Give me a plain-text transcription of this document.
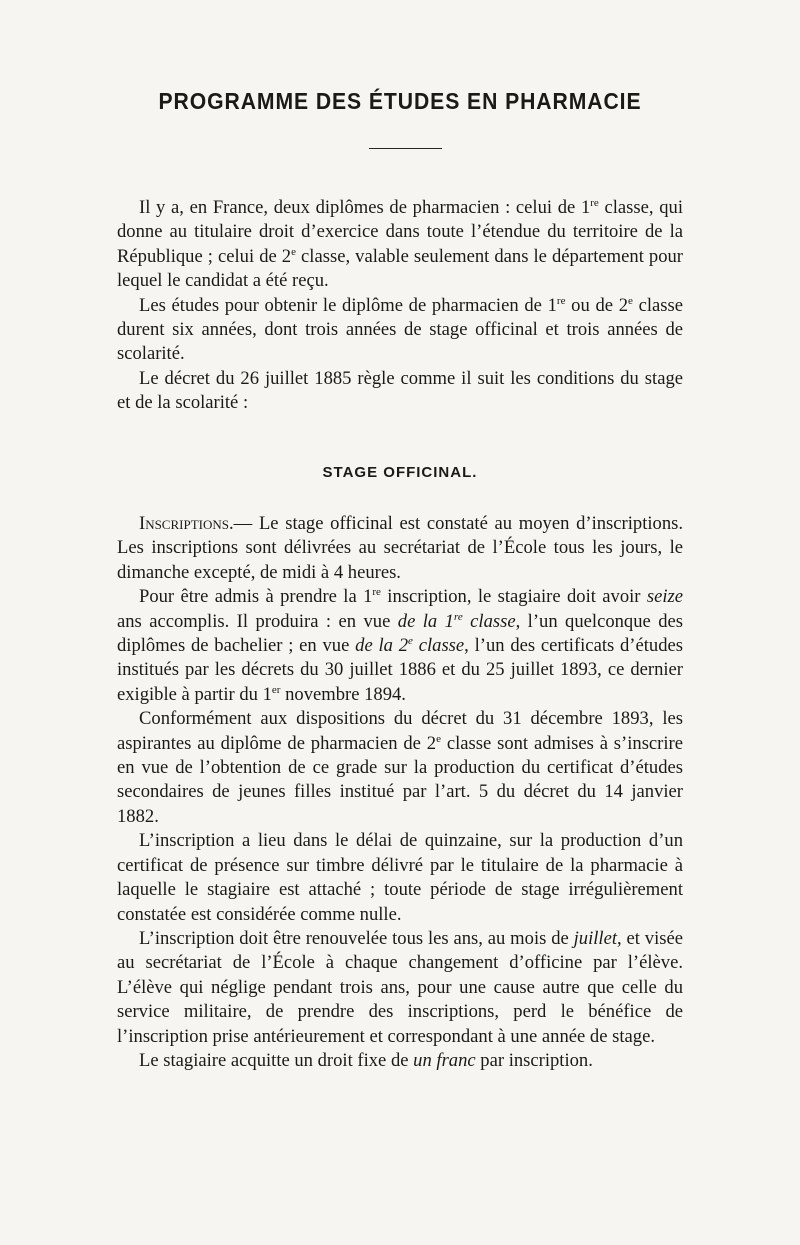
PROGRAMME DES ÉTUDES EN PHARMACIE

Il y a, en France, deux diplômes de pharmacien : celui de 1re classe, qui donne au titulaire droit d’exercice dans toute l’étendue du territoire de la République ; celui de 2e classe, valable seulement dans le département pour lequel le candidat a été reçu.

Les études pour obtenir le diplôme de pharmacien de 1re ou de 2e classe durent six années, dont trois années de stage officinal et trois années de scolarité.

Le décret du 26 juillet 1885 règle comme il suit les conditions du stage et de la scolarité :

STAGE OFFICINAL.

Inscriptions.— Le stage officinal est constaté au moyen d’inscriptions. Les inscriptions sont délivrées au secrétariat de l’École tous les jours, le dimanche excepté, de midi à 4 heures.

Pour être admis à prendre la 1re inscription, le stagiaire doit avoir seize ans accomplis. Il produira : en vue de la 1re classe, l’un quelconque des diplômes de bachelier ; en vue de la 2e classe, l’un des certificats d’études institués par les décrets du 30 juillet 1886 et du 25 juillet 1893, ce dernier exigible à partir du 1er novembre 1894.

Conformément aux dispositions du décret du 31 décembre 1893, les aspirantes au diplôme de pharmacien de 2e classe sont admises à s’inscrire en vue de l’obtention de ce grade sur la production du certificat d’études secondaires de jeunes filles institué par l’art. 5 du décret du 14 janvier 1882.

L’inscription a lieu dans le délai de quinzaine, sur la production d’un certificat de présence sur timbre délivré par le titulaire de la pharmacie à laquelle le stagiaire est attaché ; toute période de stage irrégulièrement constatée est considérée comme nulle.

L’inscription doit être renouvelée tous les ans, au mois de juillet, et visée au secrétariat de l’École à chaque changement d’officine par l’élève. L’élève qui néglige pendant trois ans, pour une cause autre que celle du service militaire, de prendre des inscriptions, perd le bénéfice de l’inscription prise antérieurement et correspondant à une année de stage.

Le stagiaire acquitte un droit fixe de un franc par inscription.
